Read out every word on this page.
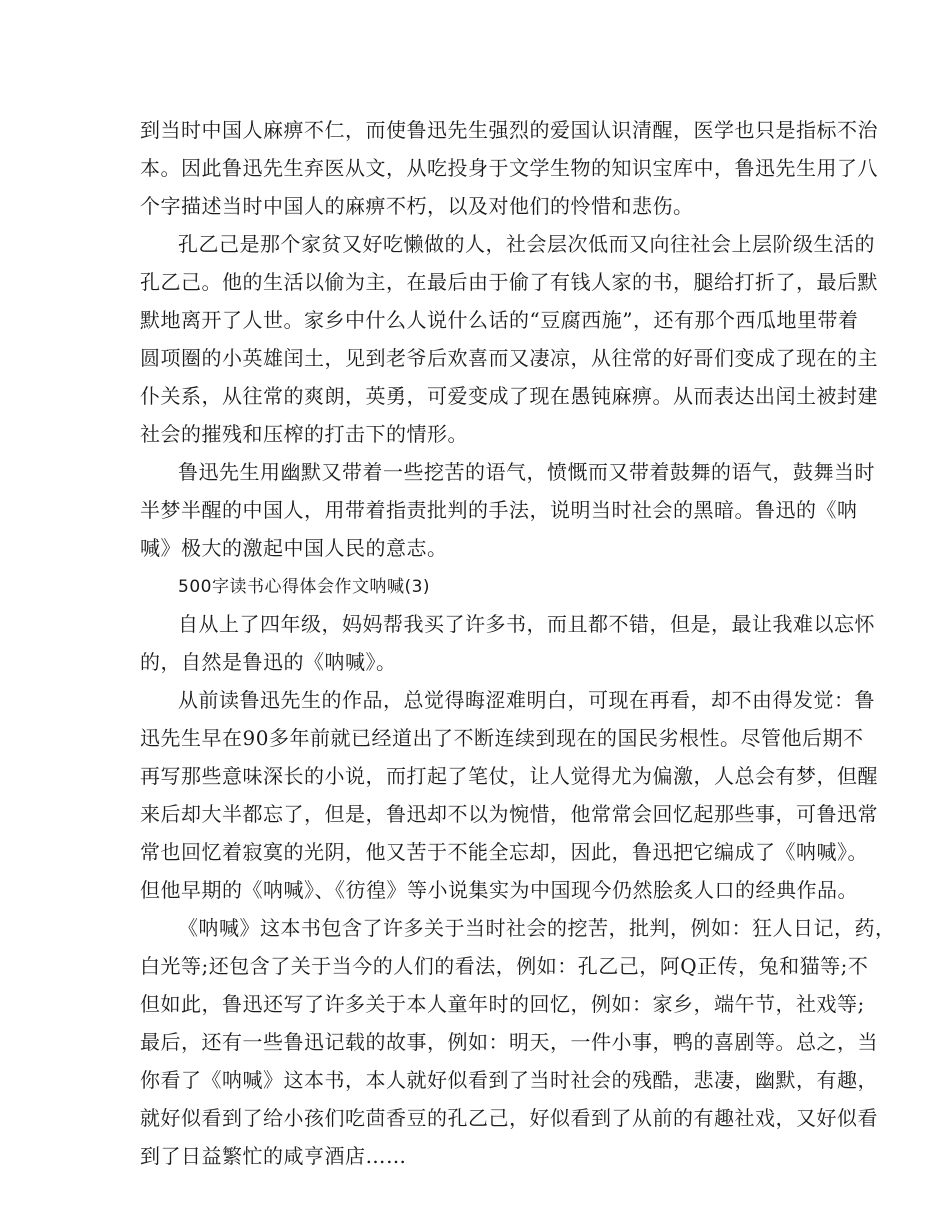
到当时中国人麻痹不仁，而使鲁迅先生强烈的爱国认识清醒，医学也只是指标不治
本。因此鲁迅先生弃医从文，从吃投身于文学生物的知识宝库中，鲁迅先生用了八
个字描述当时中国人的麻痹不朽，以及对他们的怜惜和悲伤。
孔乙己是那个家贫又好吃懒做的人，社会层次低而又向往社会上层阶级生活的
孔乙己。他的生活以偷为主，在最后由于偷了有钱人家的书，腿给打折了，最后默
默地离开了人世。家乡中什么人说什么话的“豆腐西施”，还有那个西瓜地里带着
圆项圈的小英雄闰土，见到老爷后欢喜而又凄凉，从往常的好哥们变成了现在的主
仆关系，从往常的爽朗，英勇，可爱变成了现在愚钝麻痹。从而表达出闰土被封建
社会的摧残和压榨的打击下的情形。
鲁迅先生用幽默又带着一些挖苦的语气，愤慨而又带着鼓舞的语气，鼓舞当时
半梦半醒的中国人，用带着指责批判的手法，说明当时社会的黑暗。鲁迅的《呐
喊》极大的激起中国人民的意志。
500字读书心得体会作文呐喊(3)
自从上了四年级，妈妈帮我买了许多书，而且都不错，但是，最让我难以忘怀
的，自然是鲁迅的《呐喊》。
从前读鲁迅先生的作品，总觉得晦涩难明白，可现在再看，却不由得发觉：鲁
迅先生早在90多年前就已经道出了不断连续到现在的国民劣根性。尽管他后期不
再写那些意味深长的小说，而打起了笔仗，让人觉得尤为偏激，人总会有梦，但醒
来后却大半都忘了，但是，鲁迅却不以为惋惜，他常常会回忆起那些事，可鲁迅常
常也回忆着寂寞的光阴，他又苦于不能全忘却，因此，鲁迅把它编成了《呐喊》。
但他早期的《呐喊》、《彷徨》等小说集实为中国现今仍然脍炙人口的经典作品。
《呐喊》这本书包含了许多关于当时社会的挖苦，批判，例如：狂人日记，药，
白光等;还包含了关于当今的人们的看法，例如：孔乙己，阿Q正传，兔和猫等;不
但如此，鲁迅还写了许多关于本人童年时的回忆，例如：家乡，端午节，社戏等;
最后，还有一些鲁迅记载的故事，例如：明天，一件小事，鸭的喜剧等。总之，当
你看了《呐喊》这本书，本人就好似看到了当时社会的残酷，悲凄，幽默，有趣，
就好似看到了给小孩们吃茴香豆的孔乙己，好似看到了从前的有趣社戏，又好似看
到了日益繁忙的咸亨酒店……
